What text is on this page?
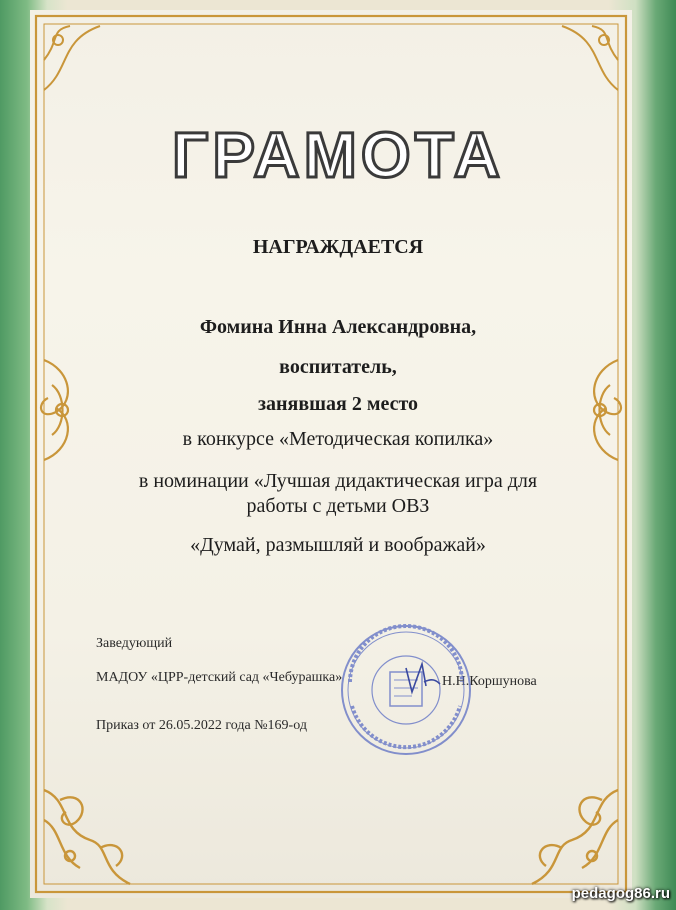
ГРАМОТА
НАГРАЖДАЕТСЯ
Фомина Инна Александровна,
воспитатель,
занявшая 2 место
в конкурсе «Методическая копилка»
в номинации «Лучшая дидактическая игра для
работы с детьми ОВЗ
«Думай, размышляй и воображай»
Заведующий
МАДОУ «ЦРР-детский сад «Чебурашка»	Н.Н.Коршунова
Приказ от 26.05.2022 года №169-од
pedagog86.ru
